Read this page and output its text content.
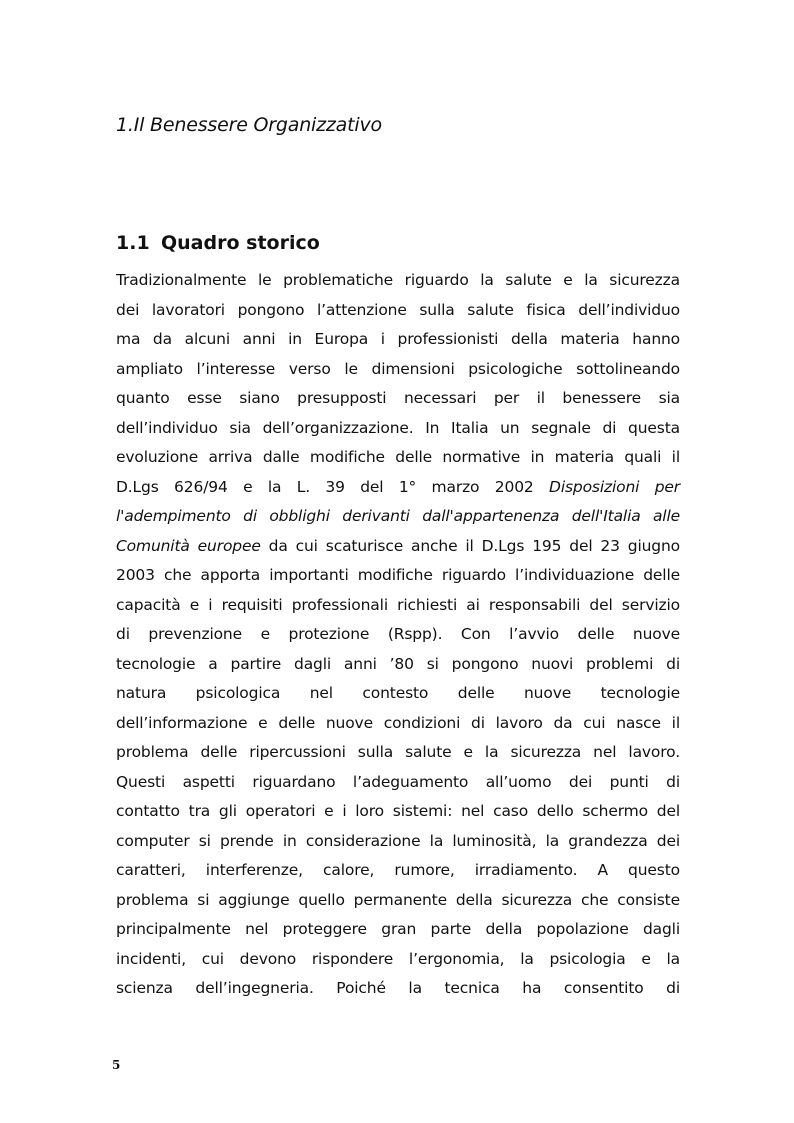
1.Il Benessere Organizzativo
1.1 Quadro storico
Tradizionalmente le problematiche riguardo la salute e la sicurezza
dei lavoratori pongono l’attenzione sulla salute fisica dell’individuo
ma da alcuni anni in Europa i professionisti della materia hanno
ampliato l’interesse verso le dimensioni psicologiche sottolineando
quanto esse siano presupposti necessari per il benessere sia
dell’individuo sia dell’organizzazione. In Italia un segnale di questa
evoluzione arriva dalle modifiche delle normative in materia quali il
D.Lgs 626/94 e la L. 39 del 1° marzo 2002 Disposizioni per
l'adempimento di obblighi derivanti dall'appartenenza dell'Italia alle
Comunità europee da cui scaturisce anche il D.Lgs 195 del 23 giugno
2003 che apporta importanti modifiche riguardo l’individuazione delle
capacità e i requisiti professionali richiesti ai responsabili del servizio
di prevenzione e protezione (Rspp). Con l’avvio delle nuove
tecnologie a partire dagli anni ’80 si pongono nuovi problemi di
natura psicologica nel contesto delle nuove tecnologie
dell’informazione e delle nuove condizioni di lavoro da cui nasce il
problema delle ripercussioni sulla salute e la sicurezza nel lavoro.
Questi aspetti riguardano l’adeguamento all’uomo dei punti di
contatto tra gli operatori e i loro sistemi: nel caso dello schermo del
computer si prende in considerazione la luminosità, la grandezza dei
caratteri, interferenze, calore, rumore, irradiamento. A questo
problema si aggiunge quello permanente della sicurezza che consiste
principalmente nel proteggere gran parte della popolazione dagli
incidenti, cui devono rispondere l’ergonomia, la psicologia e la
scienza dell’ingegneria. Poiché la tecnica ha consentito di
5
